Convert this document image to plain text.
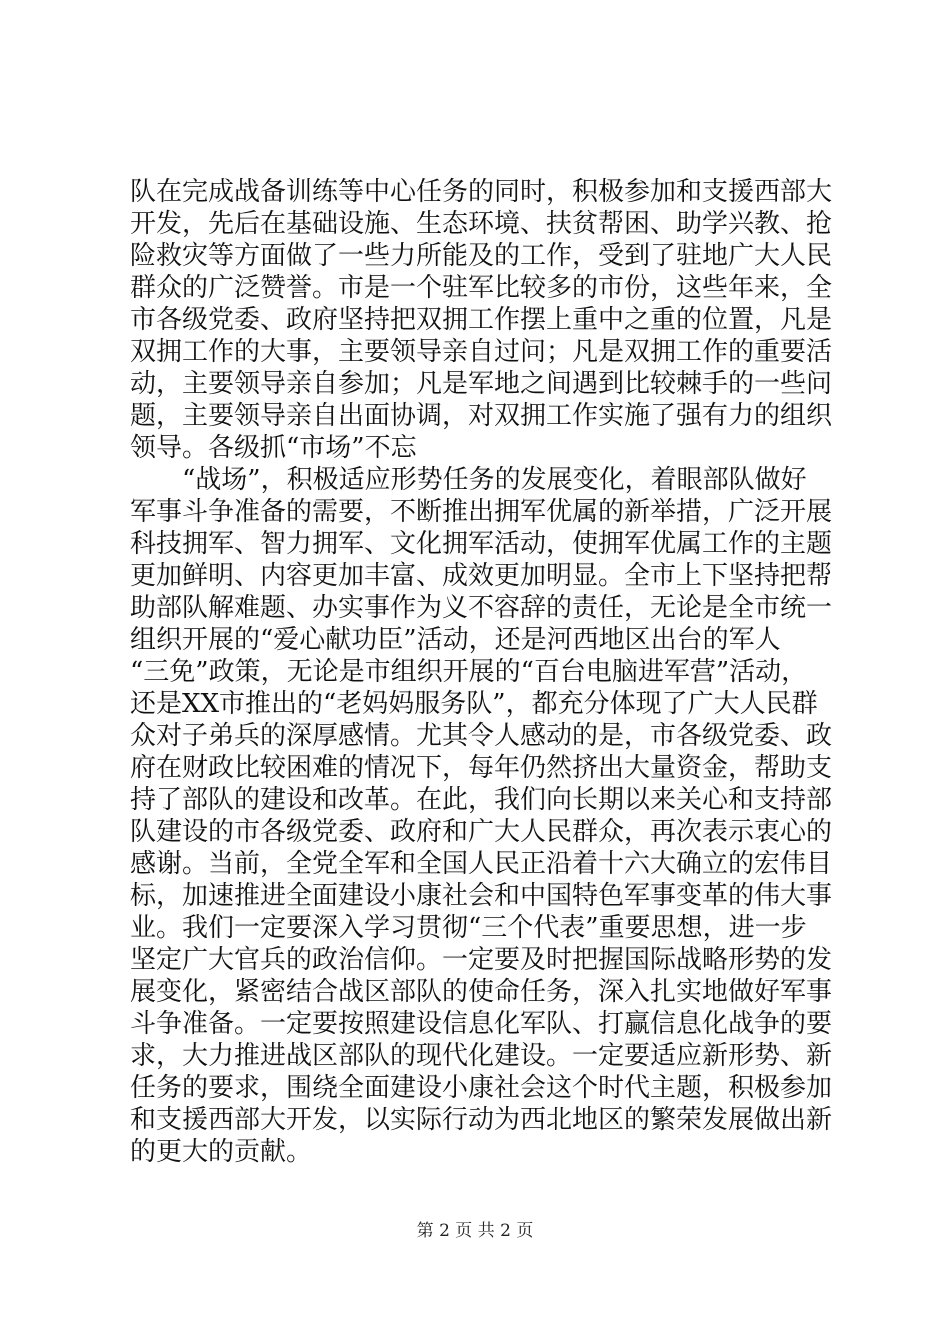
队在完成战备训练等中心任务的同时，积极参加和支援西部大
开发，先后在基础设施、生态环境、扶贫帮困、助学兴教、抢
险救灾等方面做了一些力所能及的工作，受到了驻地广大人民
群众的广泛赞誉。市是一个驻军比较多的市份，这些年来，全
市各级党委、政府坚持把双拥工作摆上重中之重的位置，凡是
双拥工作的大事，主要领导亲自过问；凡是双拥工作的重要活
动，主要领导亲自参加；凡是军地之间遇到比较棘手的一些问
题，主要领导亲自出面协调，对双拥工作实施了强有力的组织
领导。各级抓“市场”不忘
　　“战场”，积极适应形势任务的发展变化，着眼部队做好
军事斗争准备的需要，不断推出拥军优属的新举措，广泛开展
科技拥军、智力拥军、文化拥军活动，使拥军优属工作的主题
更加鲜明、内容更加丰富、成效更加明显。全市上下坚持把帮
助部队解难题、办实事作为义不容辞的责任，无论是全市统一
组织开展的“爱心献功臣”活动，还是河西地区出台的军人
“三免”政策，无论是市组织开展的“百台电脑进军营”活动，
还是XX市推出的“老妈妈服务队”，都充分体现了广大人民群
众对子弟兵的深厚感情。尤其令人感动的是，市各级党委、政
府在财政比较困难的情况下，每年仍然挤出大量资金，帮助支
持了部队的建设和改革。在此，我们向长期以来关心和支持部
队建设的市各级党委、政府和广大人民群众，再次表示衷心的
感谢。当前，全党全军和全国人民正沿着十六大确立的宏伟目
标，加速推进全面建设小康社会和中国特色军事变革的伟大事
业。我们一定要深入学习贯彻“三个代表”重要思想，进一步
坚定广大官兵的政治信仰。一定要及时把握国际战略形势的发
展变化，紧密结合战区部队的使命任务，深入扎实地做好军事
斗争准备。一定要按照建设信息化军队、打赢信息化战争的要
求，大力推进战区部队的现代化建设。一定要适应新形势、新
任务的要求，围绕全面建设小康社会这个时代主题，积极参加
和支援西部大开发，以实际行动为西北地区的繁荣发展做出新
的更大的贡献。
第 2 页 共 2 页
